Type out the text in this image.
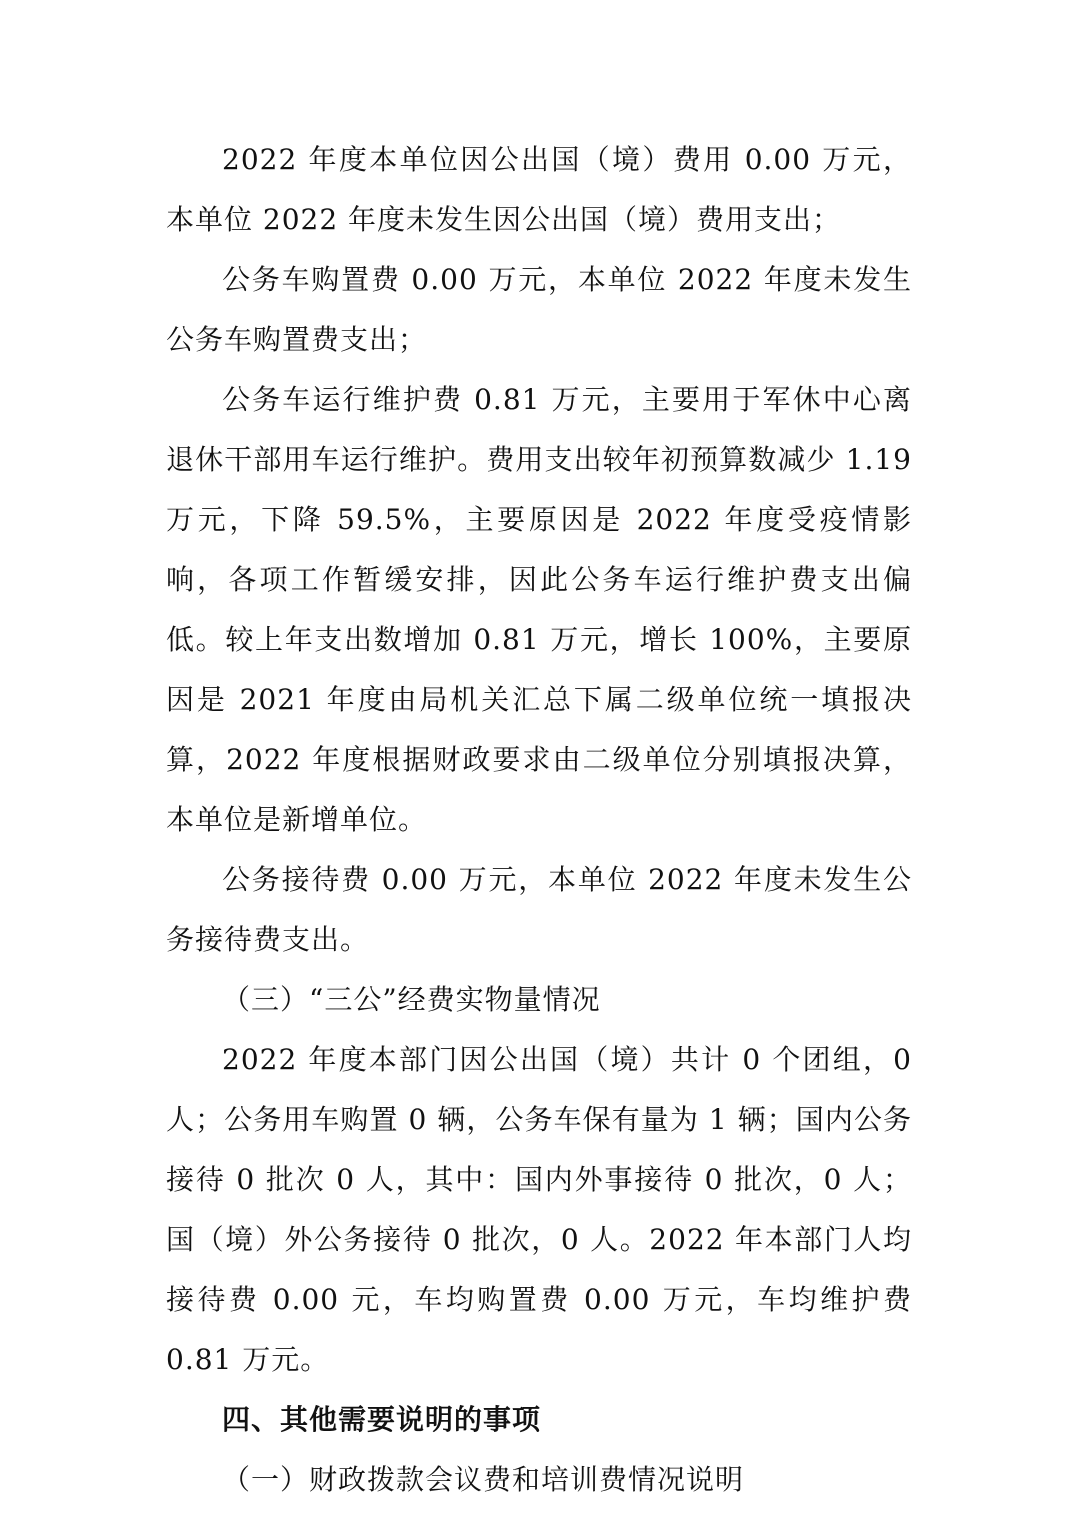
2022 年度本单位因公出国（境）费用 0.00 万元，本单位 2022 年度未发生因公出国（境）费用支出；

公务车购置费 0.00 万元，本单位 2022 年度未发生公务车购置费支出；

公务车运行维护费 0.81 万元，主要用于军休中心离退休干部用车运行维护。费用支出较年初预算数减少 1.19 万元，下降 59.5%，主要原因是 2022 年度受疫情影响，各项工作暂缓安排，因此公务车运行维护费支出偏低。较上年支出数增加 0.81 万元，增长 100%，主要原因是 2021 年度由局机关汇总下属二级单位统一填报决算，2022 年度根据财政要求由二级单位分别填报决算，本单位是新增单位。

公务接待费 0.00 万元，本单位 2022 年度未发生公务接待费支出。

（三）“三公”经费实物量情况

2022 年度本部门因公出国（境）共计 0 个团组，0 人；公务用车购置 0 辆，公务车保有量为 1 辆；国内公务接待 0 批次 0 人，其中：国内外事接待 0 批次，0 人；国（境）外公务接待 0 批次，0 人。2022 年本部门人均接待费 0.00 元，车均购置费 0.00 万元，车均维护费 0.81 万元。

四、其他需要说明的事项

（一）财政拨款会议费和培训费情况说明
